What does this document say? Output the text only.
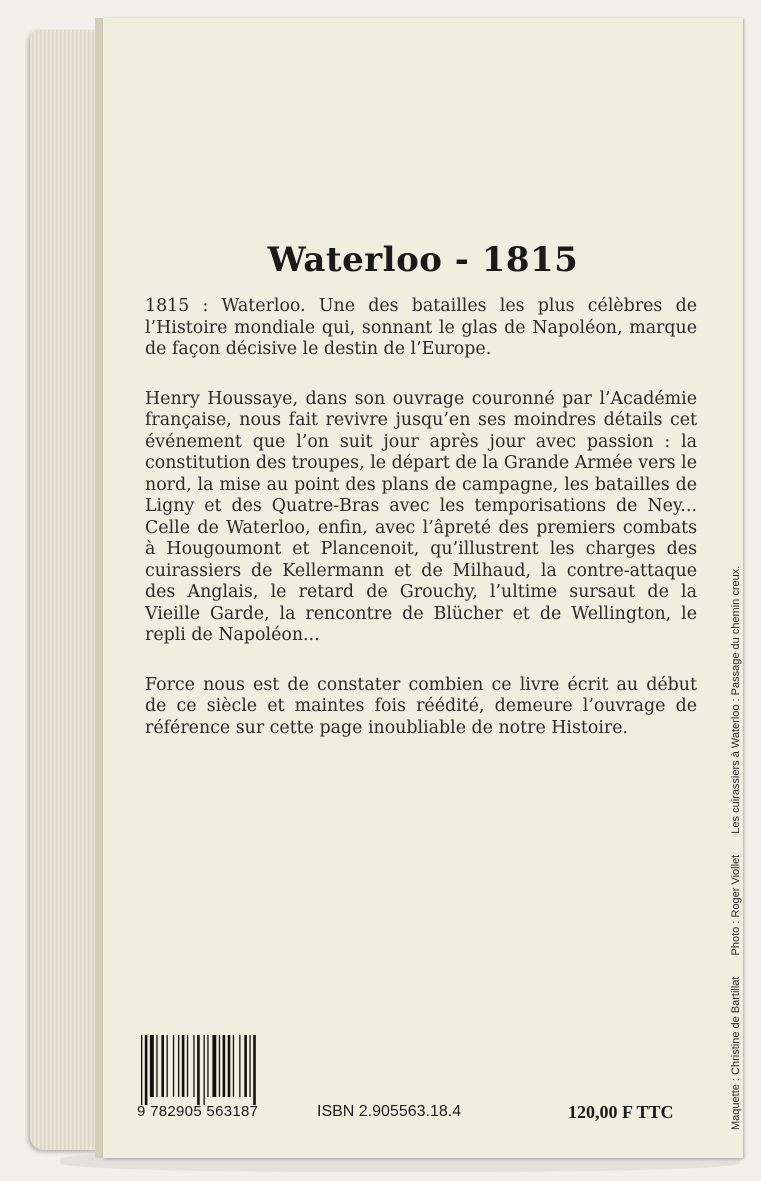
Waterloo - 1815

1815 : Waterloo. Une des batailles les plus célèbres de l’Histoire mondiale qui, sonnant le glas de Napoléon, marque de façon décisive le destin de l’Europe.

Henry Houssaye, dans son ouvrage couronné par l’Académie française, nous fait revivre jusqu’en ses moindres détails cet événement que l’on suit jour après jour avec passion : la constitution des troupes, le départ de la Grande Armée vers le nord, la mise au point des plans de campagne, les batailles de Ligny et des Quatre-Bras avec les temporisations de Ney... Celle de Waterloo, enfin, avec l’âpreté des premiers combats à Hougoumont et Plancenoit, qu’illustrent les charges des cuirassiers de Kellermann et de Milhaud, la contre-attaque des Anglais, le retard de Grouchy, l’ultime sursaut de la Vieille Garde, la rencontre de Blücher et de Wellington, le repli de Napoléon...

Force nous est de constater combien ce livre écrit au début de ce siècle et maintes fois réédité, demeure l’ouvrage de référence sur cette page inoubliable de notre Histoire.

Maquette : Christine de Bartillat Photo : Roger Viollet Les cuirassiers à Waterloo : Passage du chemin creux.
9 782905 563187	ISBN 2.905563.18.4	120,00 F TTC
